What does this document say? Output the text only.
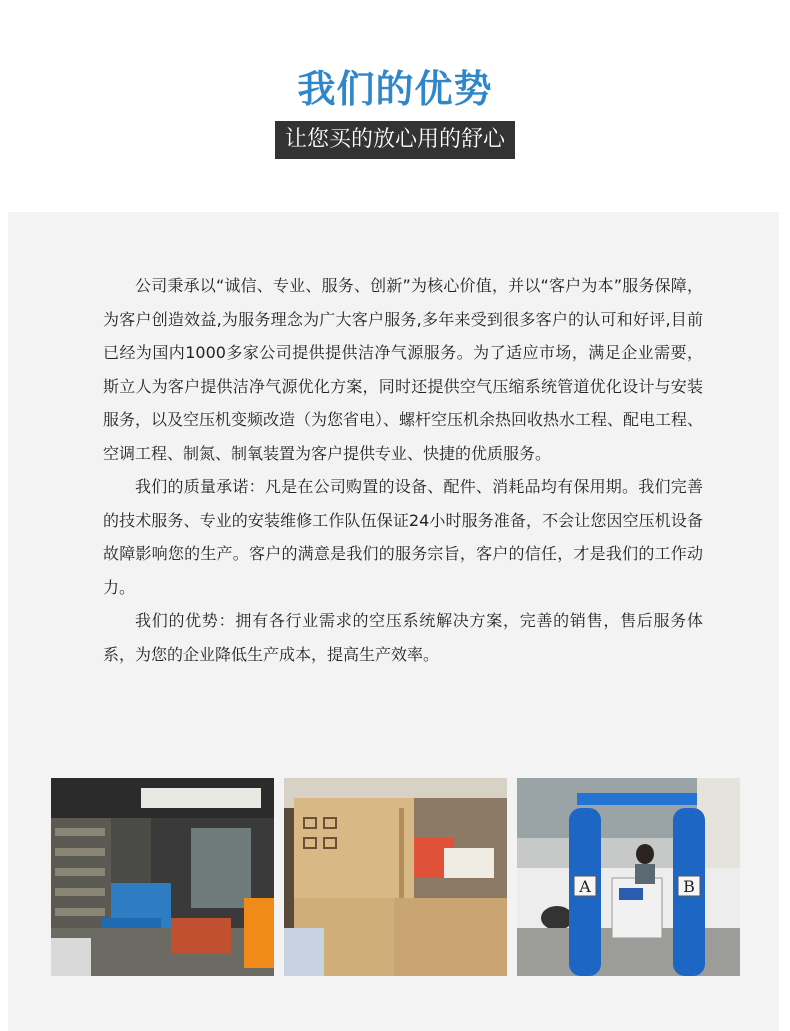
我们的优势
让您买的放心用的舒心

公司秉承以“诚信、专业、服务、创新”为核心价值，并以“客户为本”服务保障，为客户创造效益,为服务理念为广大客户服务,多年来受到很多客户的认可和好评,目前已经为国内1000多家公司提供提供洁净气源服务。为了适应市场，满足企业需要，斯立人为客户提供洁净气源优化方案，同时还提供空气压缩系统管道优化设计与安装服务，以及空压机变频改造（为您省电）、螺杆空压机余热回收热水工程、配电工程、空调工程、制氮、制氧装置为客户提供专业、快捷的优质服务。

我们的质量承诺：凡是在公司购置的设备、配件、消耗品均有保用期。我们完善的技术服务、专业的安装维修工作队伍保证24小时服务准备，不会让您因空压机设备故障影响您的生产。客户的满意是我们的服务宗旨，客户的信任，才是我们的工作动力。

我们的优势：拥有各行业需求的空压系统解决方案，完善的销售，售后服务体系，为您的企业降低生产成本，提高生产效率。

A	B
